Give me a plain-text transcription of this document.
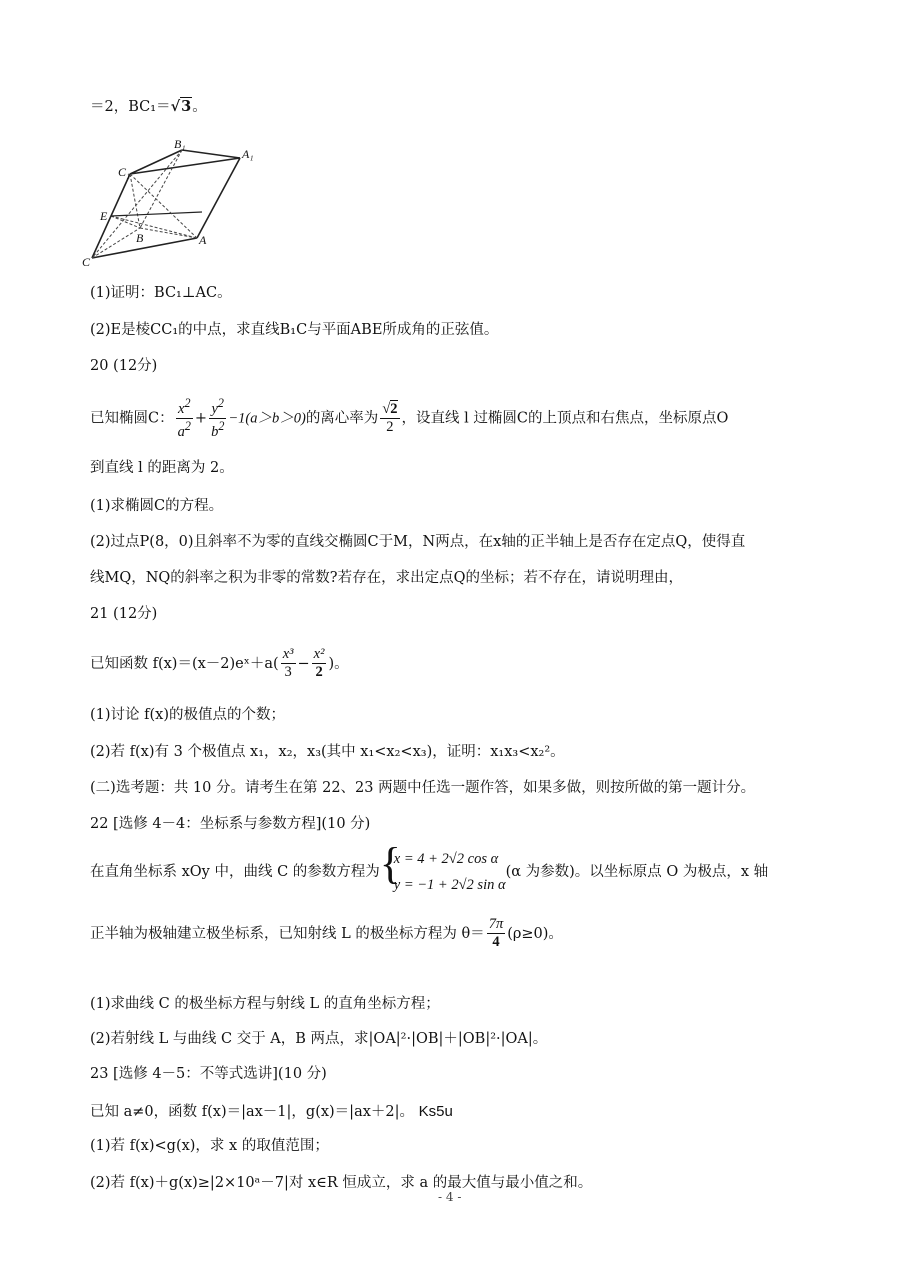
＝2，BC₁＝√3。
B₁
A₁
C₁
E
B	A
C
(1)证明：BC₁⊥AC。
(2)E是棱CC₁的中点，求直线B₁C与平面ABE所成角的正弦值。
20 (12分)
已知椭圆C： $\frac{x^2}{a^2} + \frac{y^2}{b^2} -1(a>b>0)$的离心率为 $\frac{√2}{2}$ ，设直线 l 过椭圆C的上顶点和右焦点，坐标原点O
到直线 l 的距离为 2。
(1)求椭圆C的方程。
(2)过点P(8，0)且斜率不为零的直线交椭圆C于M，N两点，在x轴的正半轴上是否存在定点Q，使得直
线MQ，NQ的斜率之积为非零的常数?若存在，求出定点Q的坐标；若不存在，请说明理由，
21 (12分)
已知函数 f(x)＝(x－2)eˣ＋a( $\frac{\text{x³}}{3} - \frac{\text{x²}}{2}$ )。
(1)讨论 f(x)的极值点的个数；
(2)若 f(x)有 3 个极值点 x₁，x₂，x₃(其中 x₁<x₂<x₃)，证明：x₁x₃<x₂²。
(二)选考题：共 10 分。请考生在第 22、23 两题中任选一题作答，如果多做，则按所做的第一题计分。
22 [选修 4－4：坐标系与参数方程](10 分)
在直角坐标系 xOy 中，曲线 C 的参数方程为 {
x = 4 + 2√2 cos α
y = −1 + 2√2 sin α
(α 为参数)。以坐标原点 O 为极点，x 轴
正半轴为极轴建立极坐标系，已知射线 L 的极坐标方程为 $\theta= \frac{7\pi}{4} (\rho\ge 0)$。
(1)求曲线 C 的极坐标方程与射线 L 的直角坐标方程；
(2)若射线 L 与曲线 C 交于 A，B 两点，求|OA|²·|OB|＋|OB|²·|OA|。
23 [选修 4－5：不等式选讲](10 分)
已知 a≠0，函数 f(x)＝|ax－1|，g(x)＝|ax＋2|。 Ks5u
(1)若 f(x)<g(x)，求 x 的取值范围；
(2)若 f(x)＋g(x)≥|2×10ᵃ－7|对 x∈R 恒成立，求 a 的最大值与最小值之和。
- 4 -
